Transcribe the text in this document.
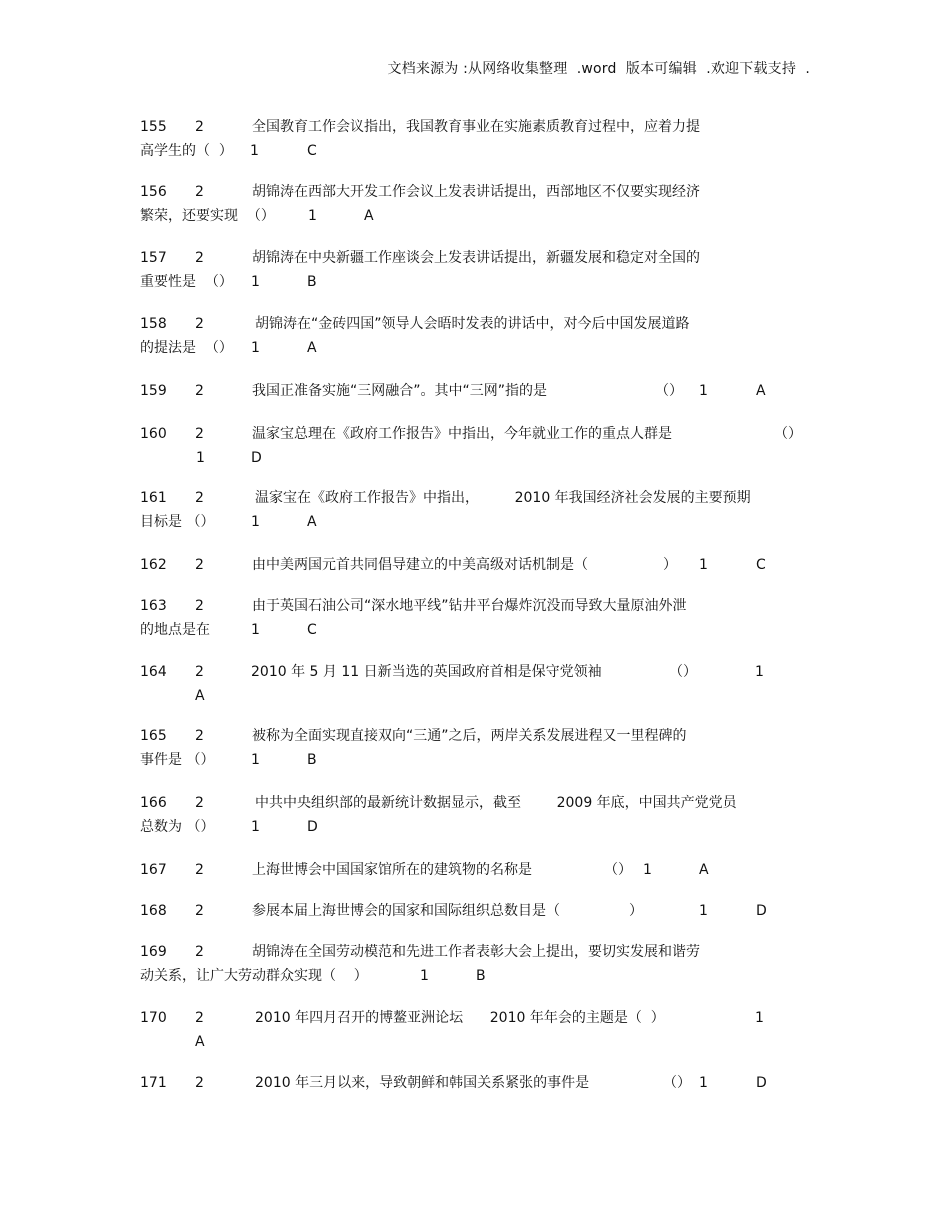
文档来源为 :从网络收集整理  .word  版本可编辑  .欢迎下载支持  .
155 2	全国教育工作会议指出，我国教育事业在实施素质教育过程中，应着力提
高学生的（  ） 1	C
156 2	胡锦涛在西部大开发工作会议上发表讲话提出，西部地区不仅要实现经济
繁荣，还要实现  （） 1	A
157 2	胡锦涛在中央新疆工作座谈会上发表讲话提出，新疆发展和稳定对全国的
重要性是  （） 1	B
158 2	胡锦涛在“金砖四国”领导人会晤时发表的讲话中，对今后中国发展道路
的提法是  （） 1	A
159 2	我国正准备实施“三网融合”。其中“三网”指的是	（） 1	A
160 2	温家宝总理在《政府工作报告》中指出，今年就业工作的重点人群是	（）
1	D
161 2	温家宝在《政府工作报告》中指出，        2010 年我国经济社会发展的主要预期
目标是 （）	1	A
162 2	由中美两国元首共同倡导建立的中美高级对话机制是（	） 1	C
163 2	由于英国石油公司“深水地平线”钻井平台爆炸沉没而导致大量原油外泄
的地点是在	1	C
164 2	2010 年 5 月 11 日新当选的英国政府首相是保守党领袖	（）	1
A
165 2	被称为全面实现直接双向“三通”之后，两岸关系发展进程又一里程碑的
事件是 （）	1	B
166 2	中共中央组织部的最新统计数据显示，截至        2009 年底，中国共产党党员
总数为 （）	1	D
167 2	上海世博会中国国家馆所在的建筑物的名称是	（） 1	A
168 2	参展本届上海世博会的国家和国际组织总数目是（	）	1	D
169 2	胡锦涛在全国劳动模范和先进工作者表彰大会上提出，要切实发展和谐劳
动关系，让广大劳动群众实现（    ）	1	B
170 2	2010 年四月召开的博鳌亚洲论坛      2010 年年会的主题是（  ）	1
A
171 2	2010 年三月以来，导致朝鲜和韩国关系紧张的事件是	（） 1	D
